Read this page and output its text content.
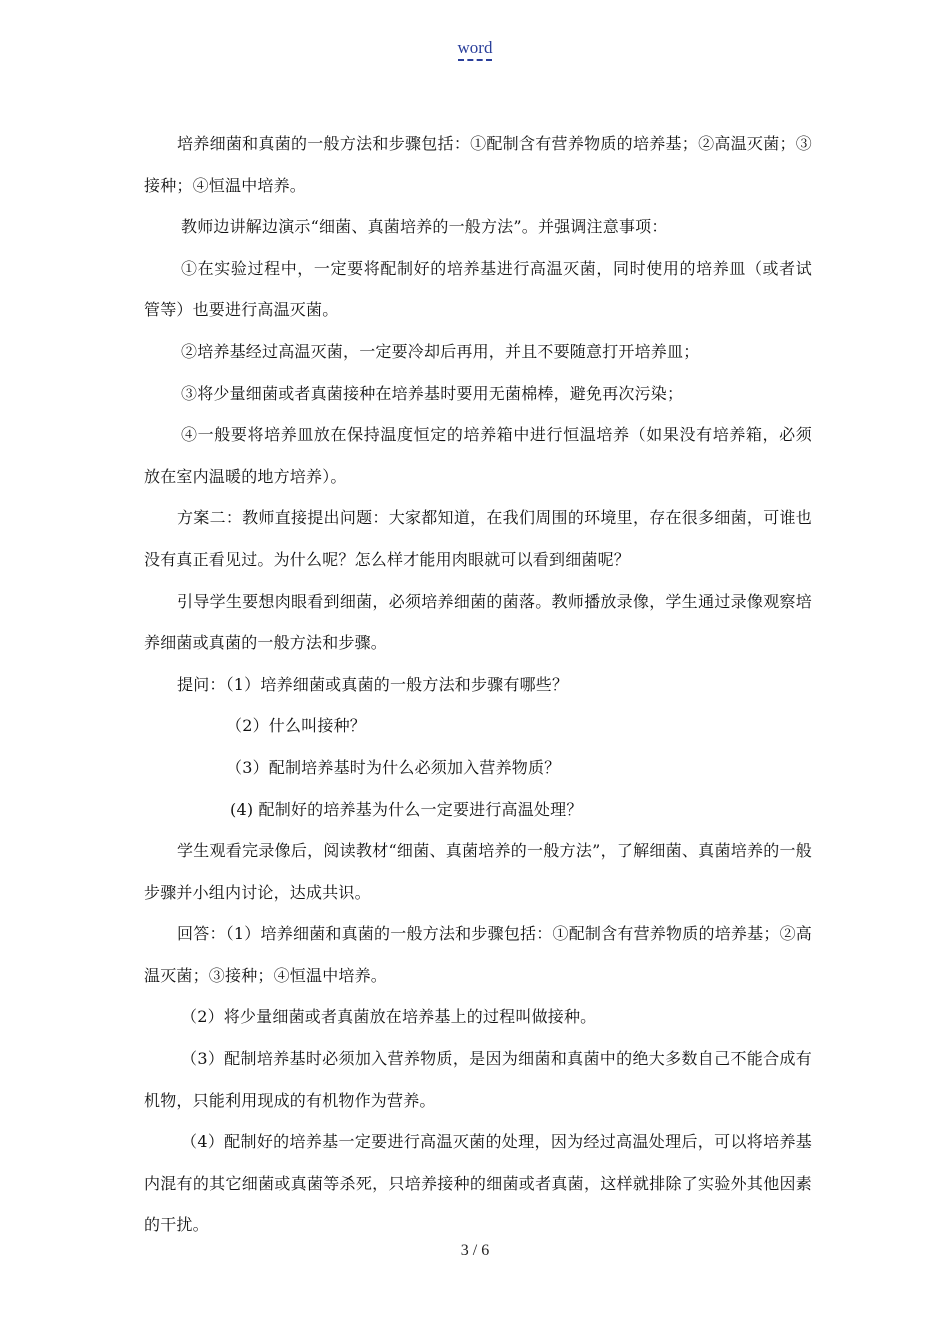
word

培养细菌和真菌的一般方法和步骤包括：①配制含有营养物质的培养基；②高温灭菌；③接种；④恒温中培养。

教师边讲解边演示“细菌、真菌培养的一般方法”。并强调注意事项：

①在实验过程中，一定要将配制好的培养基进行高温灭菌，同时使用的培养皿（或者试管等）也要进行高温灭菌。

②培养基经过高温灭菌，一定要冷却后再用，并且不要随意打开培养皿；

③将少量细菌或者真菌接种在培养基时要用无菌棉棒，避免再次污染；

④一般要将培养皿放在保持温度恒定的培养箱中进行恒温培养（如果没有培养箱，必须放在室内温暖的地方培养）。

方案二：教师直接提出问题：大家都知道，在我们周围的环境里，存在很多细菌，可谁也没有真正看见过。为什么呢？怎么样才能用肉眼就可以看到细菌呢？

引导学生要想肉眼看到细菌，必须培养细菌的菌落。教师播放录像，学生通过录像观察培养细菌或真菌的一般方法和步骤。

提问：（1）培养细菌或真菌的一般方法和步骤有哪些？

（2）什么叫接种？

（3）配制培养基时为什么必须加入营养物质？

(4) 配制好的培养基为什么一定要进行高温处理？

学生观看完录像后，阅读教材“细菌、真菌培养的一般方法”，了解细菌、真菌培养的一般步骤并小组内讨论，达成共识。

回答：（1）培养细菌和真菌的一般方法和步骤包括：①配制含有营养物质的培养基；②高温灭菌；③接种；④恒温中培养。

（2）将少量细菌或者真菌放在培养基上的过程叫做接种。

（3）配制培养基时必须加入营养物质，是因为细菌和真菌中的绝大多数自己不能合成有机物，只能利用现成的有机物作为营养。

（4）配制好的培养基一定要进行高温灭菌的处理，因为经过高温处理后，可以将培养基内混有的其它细菌或真菌等杀死，只培养接种的细菌或者真菌，这样就排除了实验外其他因素的干扰。

3 / 6
